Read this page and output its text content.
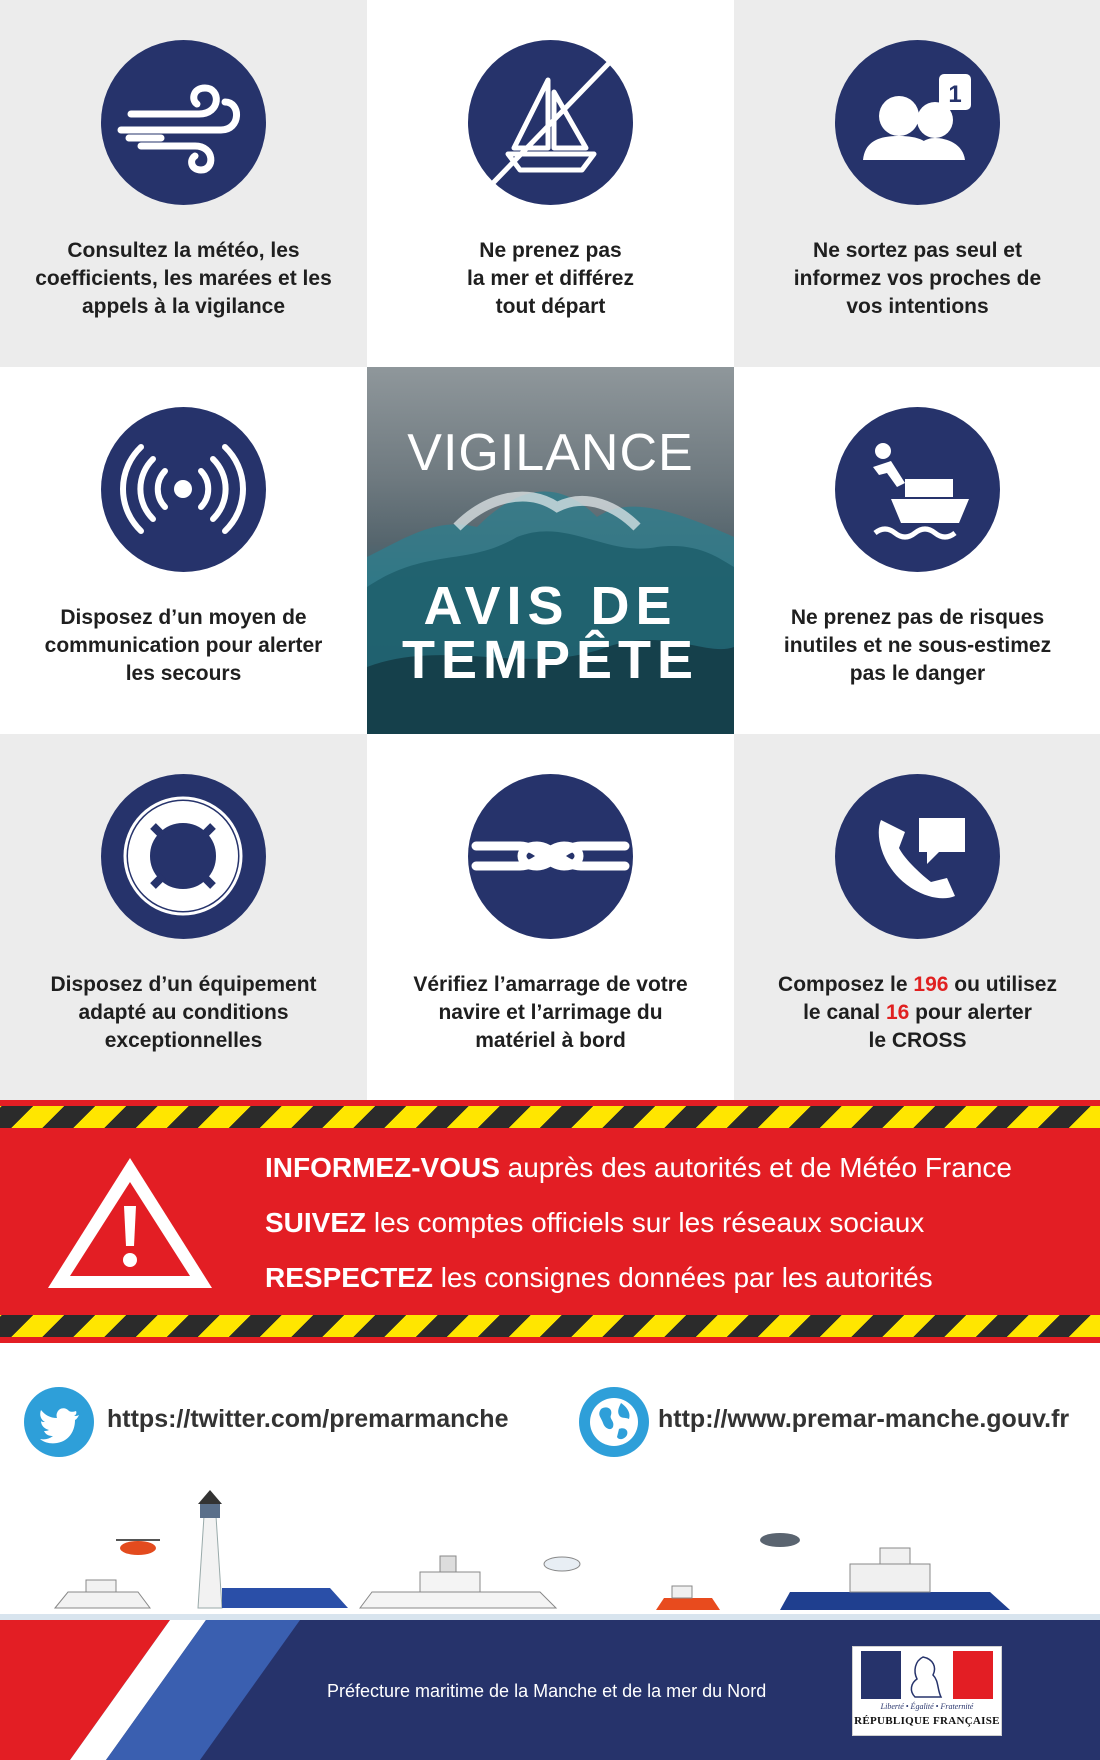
Consultez la météo, les
coefficients, les marées et les
appels à la vigilance
Ne prenez pas
la mer et différez
tout départ
1
Ne sortez pas seul et
informez vos proches de
vos intentions
Disposez d’un moyen de
communication pour alerter
les secours
VIGILANCE
AVIS DE
TEMPÊTE
Ne prenez pas de risques
inutiles et ne sous-estimez
pas le danger
Disposez d’un équipement
adapté au conditions
exceptionnelles
Vérifiez l’amarrage de votre
navire et l’arrimage du
matériel à bord
Composez le 196 ou utilisez
le canal 16 pour alerter
le CROSS
INFORMEZ-VOUS auprès des autorités et de Météo France
SUIVEZ les comptes officiels sur les réseaux sociaux
RESPECTEZ les consignes données par les autorités
https://twitter.com/premarmanche	http://www.premar-manche.gouv.fr
Préfecture maritime de la Manche et de la mer du Nord
Liberté • Égalité • Fraternité
RÉPUBLIQUE FRANÇAISE
